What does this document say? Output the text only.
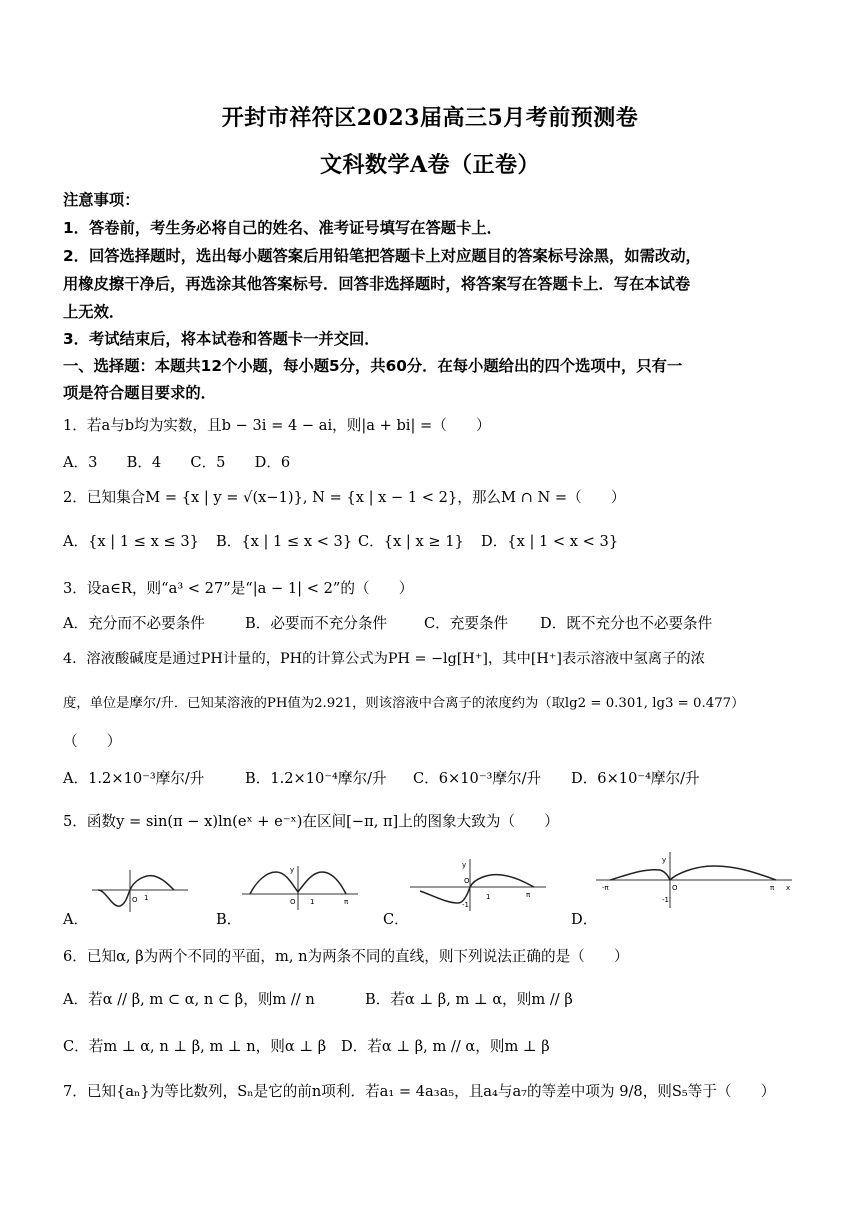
开封市祥符区2023届高三5月考前预测卷
文科数学A卷（正卷）
注意事项：
1．答卷前，考生务必将自己的姓名、准考证号填写在答题卡上．
2．回答选择题时，选出每小题答案后用铅笔把答题卡上对应题目的答案标号涂黑，如需改动，
用橡皮擦干净后，再选涂其他答案标号．回答非选择题时，将答案写在答题卡上．写在本试卷
上无效．
3．考试结束后，将本试卷和答题卡一并交回．
一、选择题：本题共12个小题，每小题5分，共60分．在每小题给出的四个选项中，只有一
项是符合题目要求的．
1．若a与b均为实数，且b − 3i = 4 − ai，则|a + bi| =（　　）
A．3　　B．4　　C．5　　D．6
2．已知集合M = {x | y = √(x−1)}, N = {x | x − 1 < 2}，那么M ∩ N =（　　）
A．{x | 1 ≤ x ≤ 3} B．{x | 1 ≤ x < 3} C．{x | x ≥ 1} D．{x | 1 < x < 3}
3．设a∈R，则“a³ < 27”是“|a − 1| < 2”的（　　）
A．充分而不必要条件	B．必要而不充分条件	C．充要条件 D．既不充分也不必要条件
4．溶液酸碱度是通过PH计量的，PH的计算公式为PH = −lg[H⁺]，其中[H⁺]表示溶液中氢离子的浓
度，单位是摩尔/升．已知某溶液的PH值为2.921，则该溶液中合离子的浓度约为（取lg2 = 0.301, lg3 = 0.477）
（　　）
A．1.2×10⁻³摩尔/升	B．1.2×10⁻⁴摩尔/升 C．6×10⁻³摩尔/升 D．6×10⁻⁴摩尔/升
5．函数y = sin(π − x)ln(eˣ + e⁻ˣ)在区间[−π, π]上的图象大致为（　　）
A．	B．	C．	D．
O 1
y
O 1	π
y
O
1
-1
π
-π
y
O
-1
π x
6．已知α, β为两个不同的平面，m, n为两条不同的直线，则下列说法正确的是（　　）
A．若α // β, m ⊂ α, n ⊂ β，则m // n	B．若α ⊥ β, m ⊥ α，则m // β
C．若m ⊥ α, n ⊥ β, m ⊥ n，则α ⊥ β D．若α ⊥ β, m // α，则m ⊥ β
7．已知{aₙ}为等比数列，Sₙ是它的前n项利．若a₁ = 4a₃a₅，且a₄与a₇的等差中项为 9/8，则S₅等于（　　）
